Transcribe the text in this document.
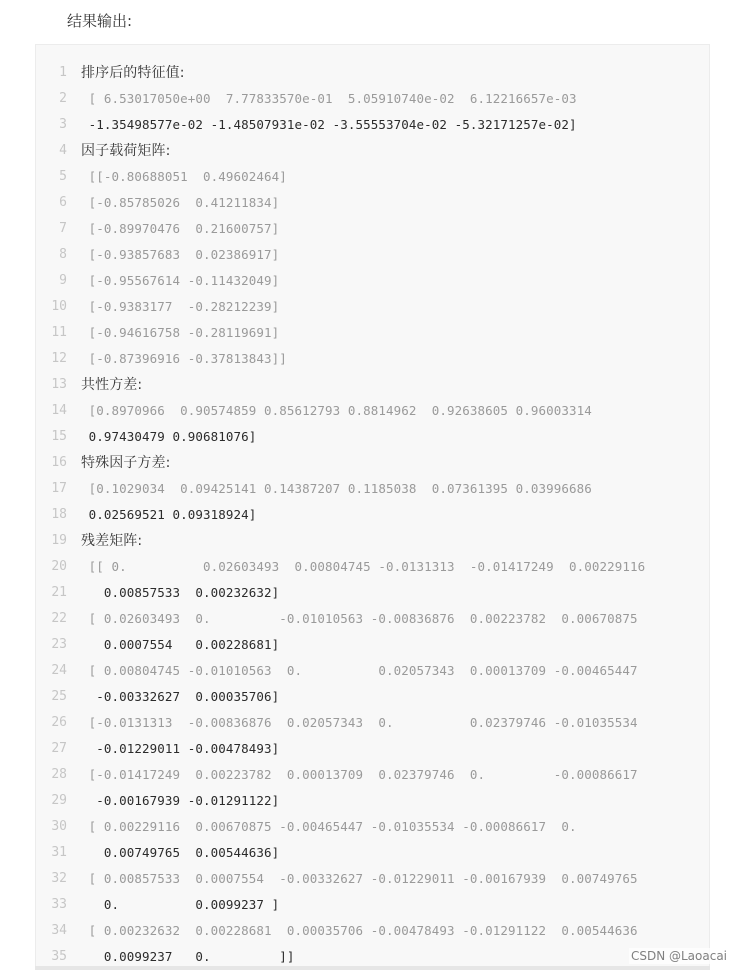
结果输出:
1 排序后的特征值:
2 [ 6.53017050e+00  7.77833570e-01  5.05910740e-02  6.12216657e-03
3 -1.35498577e-02 -1.48507931e-02 -3.55553704e-02 -5.32171257e-02]
4 因子载荷矩阵:
5 [[-0.80688051  0.49602464]
6 [-0.85785026  0.41211834]
7 [-0.89970476  0.21600757]
8 [-0.93857683  0.02386917]
9 [-0.95567614 -0.11432049]
10 [-0.9383177  -0.28212239]
11 [-0.94616758 -0.28119691]
12 [-0.87396916 -0.37813843]]
13 共性方差:
14 [0.8970966  0.90574859 0.85612793 0.8814962  0.92638605 0.96003314
15 0.97430479 0.90681076]
16 特殊因子方差:
17 [0.1029034  0.09425141 0.14387207 0.1185038  0.07361395 0.03996686
18 0.02569521 0.09318924]
19 残差矩阵:
20 [[ 0.          0.02603493  0.00804745 -0.0131313  -0.01417249  0.00229116
21 0.00857533  0.00232632]
22 [ 0.02603493  0.         -0.01010563 -0.00836876  0.00223782  0.00670875
23 0.0007554   0.00228681]
24 [ 0.00804745 -0.01010563  0.          0.02057343  0.00013709 -0.00465447
25 -0.00332627  0.00035706]
26 [-0.0131313  -0.00836876  0.02057343  0.          0.02379746 -0.01035534
27 -0.01229011 -0.00478493]
28 [-0.01417249  0.00223782  0.00013709  0.02379746  0.         -0.00086617
29 -0.00167939 -0.01291122]
30 [ 0.00229116  0.00670875 -0.00465447 -0.01035534 -0.00086617  0.
31 0.00749765  0.00544636]
32 [ 0.00857533  0.0007554  -0.00332627 -0.01229011 -0.00167939  0.00749765
33 0.          0.0099237 ]
34 [ 0.00232632  0.00228681  0.00035706 -0.00478493 -0.01291122  0.00544636
35 0.0099237   0.         ]]	CSDN @Laoacai
